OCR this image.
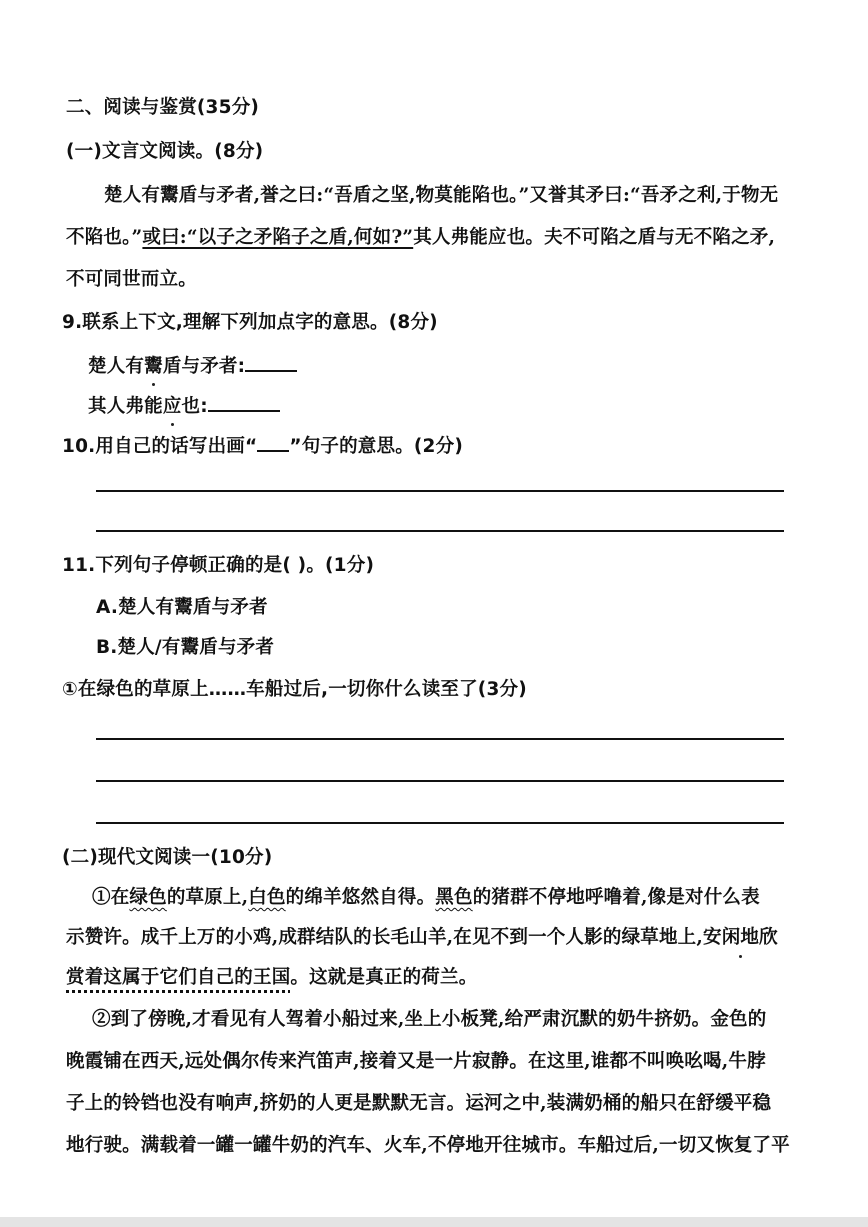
二、阅读与鉴赏(35分)
(一)文言文阅读。(8分)
楚人有鬻盾与矛者,誉之曰:“吾盾之坚,物莫能陷也。”又誉其矛曰:“吾矛之利,于物无
不陷也。”或曰:“以子之矛陷子之盾,何如?”其人弗能应也。夫不可陷之盾与无不陷之矛,
不可同世而立。
9.联系上下文,理解下列加点字的意思。(8分)
楚人有鬻盾与矛者:
其人弗能应也:
10.用自己的话写出画“ ”句子的意思。(2分)
11.下列句子停顿正确的是( )。(1分)
A.楚人有鬻盾与矛者
B.楚人/有鬻盾与矛者
①在绿色的草原上……车船过后,一切你什么读至了(3分)
(二)现代文阅读一(10分)
①在绿色的草原上,白色的绵羊悠然自得。黑色的猪群不停地呼噜着,像是对什么表
示赞许。成千上万的小鸡,成群结队的长毛山羊,在见不到一个人影的绿草地上,安闲地欣
赏着这属于它们自己的王国。这就是真正的荷兰。
②到了傍晚,才看见有人驾着小船过来,坐上小板凳,给严肃沉默的奶牛挤奶。金色的
晚霞铺在西天,远处偶尔传来汽笛声,接着又是一片寂静。在这里,谁都不叫唤吆喝,牛脖
子上的铃铛也没有响声,挤奶的人更是默默无言。运河之中,装满奶桶的船只在舒缓平稳
地行驶。满载着一罐一罐牛奶的汽车、火车,不停地开往城市。车船过后,一切又恢复了平
